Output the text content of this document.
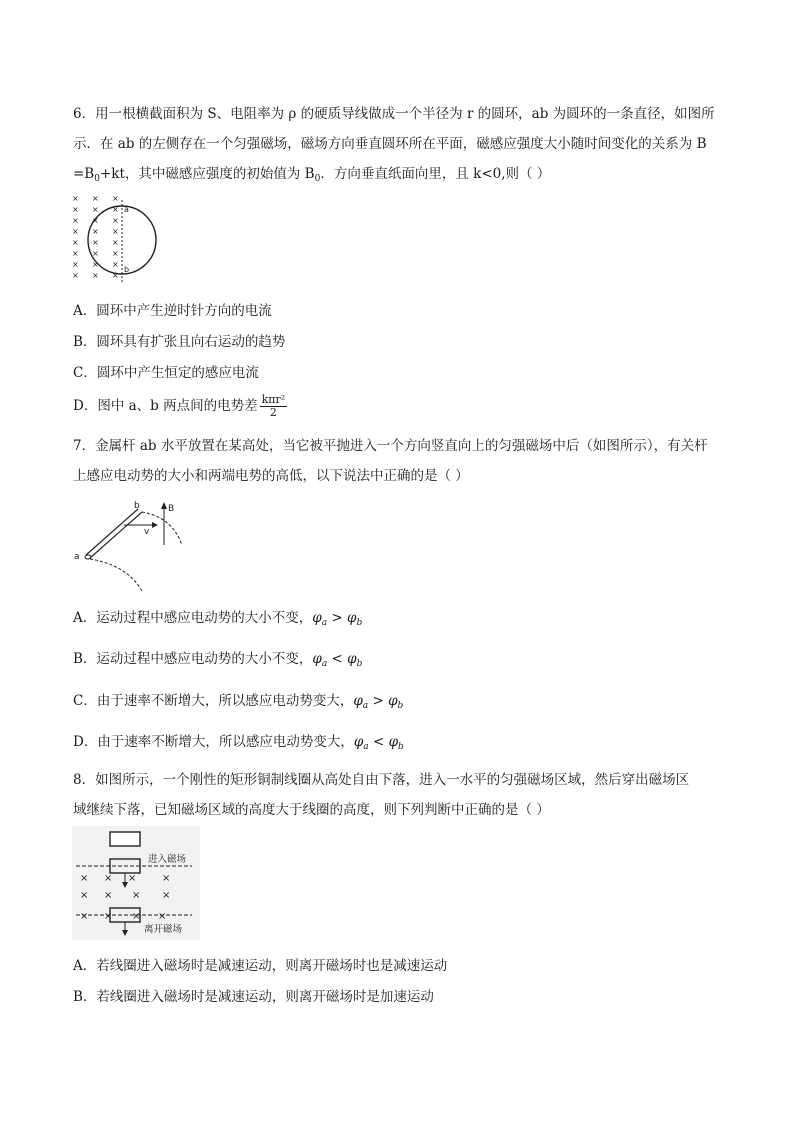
6．用一根横截面积为 S、电阻率为 ρ 的硬质导线做成一个半径为 r 的圆环，ab 为圆环的一条直径，如图所
示．在 ab 的左侧存在一个匀强磁场，磁场方向垂直圆环所在平面，磁感应强度大小随时间变化的关系为 B
$=B_0+kt$，其中磁感应强度的初始值为 $B_0$．方向垂直纸面向里，且 k<0,则（ ）
× × ×
× × ×
× × ×
× × ×
× × ×
× × ×
× × ×
× × ×
a
b
A．圆环中产生逆时针方向的电流
B．圆环具有扩张且向右运动的趋势
C．圆环中产生恒定的感应电流
D．图中 a、b 两点间的电势差 $\frac{\text{kπr²}}{2}$
7．金属杆 ab 水平放置在某高处，当它被平抛进入一个方向竖直向上的匀强磁场中后（如图所示），有关杆
上感应电动势的大小和两端电势的高低，以下说法中正确的是（ ）
b
v
B
a
A．运动过程中感应电动势的大小不变，$\varphi_a > \varphi_b$
B．运动过程中感应电动势的大小不变，$\varphi_a < \varphi_b$
C．由于速率不断增大，所以感应电动势变大，$\varphi_a > \varphi_b$
D．由于速率不断增大，所以感应电动势变大，$\varphi_a < \varphi_b$
8．如图所示，一个刚性的矩形铜制线圈从高处自由下落，进入一水平的匀强磁场区域，然后穿出磁场区
域继续下落，已知磁场区域的高度大于线圈的高度，则下列判断中正确的是（ ）
进入磁场
× × ×	×
× × × ×
× × × ×
离开磁场
A．若线圈进入磁场时是减速运动，则离开磁场时也是减速运动
B．若线圈进入磁场时是减速运动，则离开磁场时是加速运动
